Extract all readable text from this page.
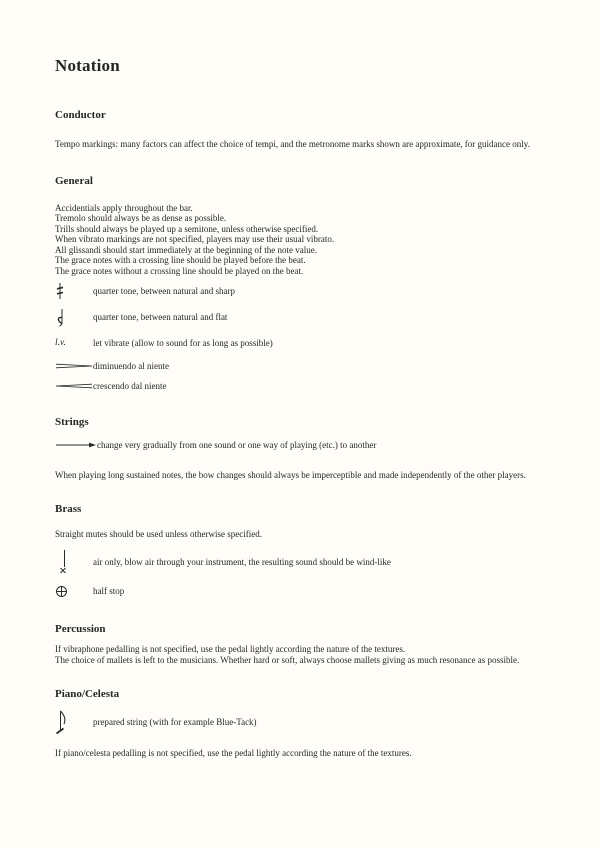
Notation
Conductor

Tempo markings: many factors can affect the choice of tempi, and the metronome marks shown are approximate, for guidance only.

General
Accidentials apply throughout the bar.
Tremolo should always be as dense as possible.
Trills should always be played up a semitone, unless otherwise specified.
When vibrato markings are not specified, players may use their usual vibrato.
All glissandi should start immediately at the beginning of the note value.
The grace notes with a crossing line should be played before the beat.
The grace notes without a crossing line should be played on the beat.
quarter tone, between natural and sharp
quarter tone, between natural and flat
l.v.	let vibrate (allow to sound for as long as possible)
diminuendo al niente
crescendo dal niente
Strings
change very gradually from one sound or one way of playing (etc.) to another

When playing long sustained notes, the bow changes should always be imperceptible and made independently of the other players.

Brass

Straight mutes should be used unless otherwise specified.

air only, blow air through your instrument, the resulting sound should be wind-like
half stop
Percussion

If vibraphone pedalling is not specified, use the pedal lightly according the nature of the textures.

The choice of mallets is left to the musicians. Whether hard or soft, always choose mallets giving as much resonance as possible.

Piano/Celesta
prepared string (with for example Blue-Tack)

If piano/celesta pedalling is not specified, use the pedal lightly according the nature of the textures.
